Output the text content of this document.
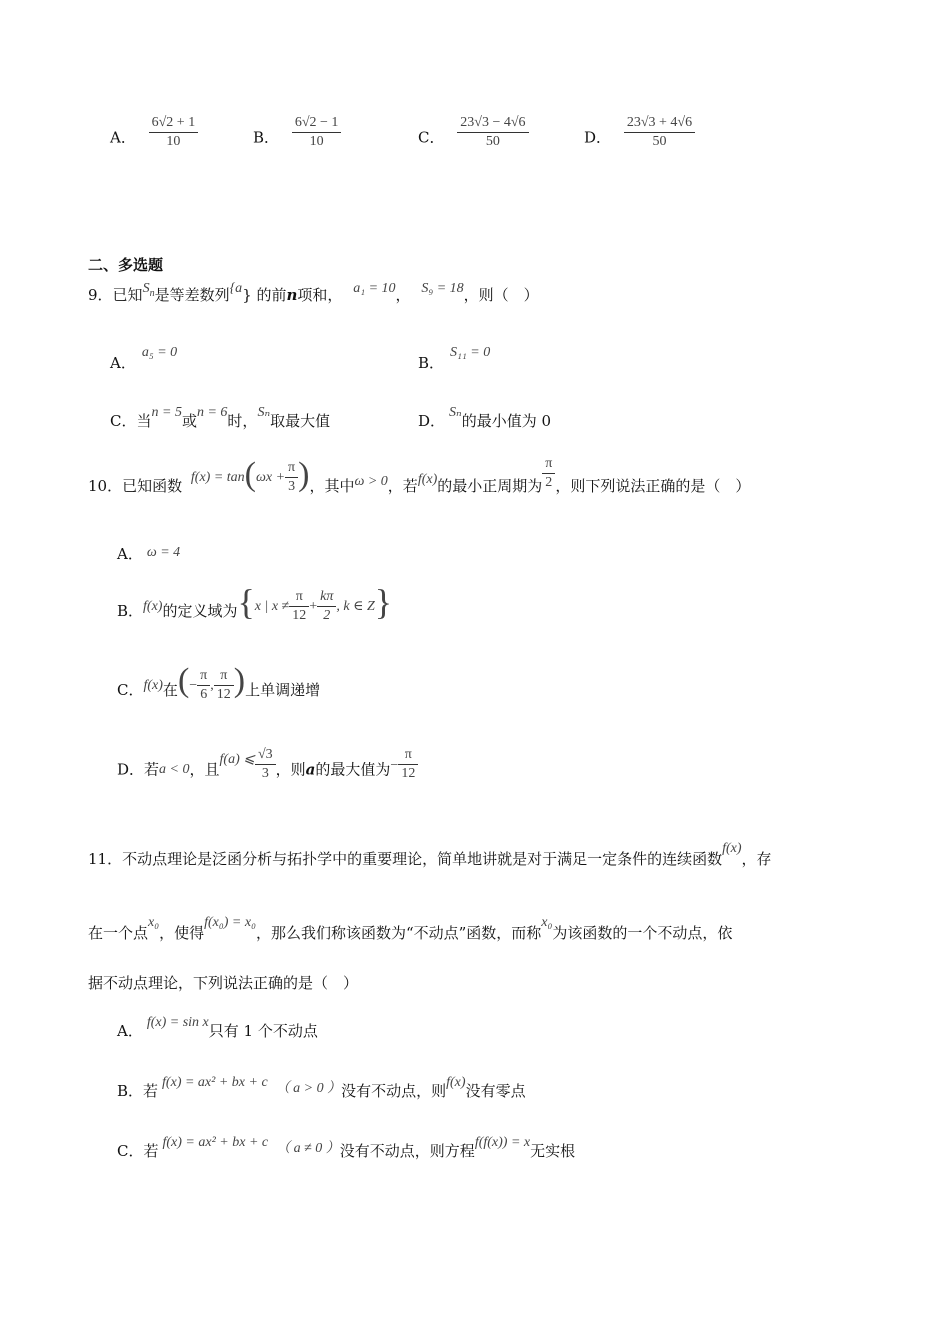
A． $\frac{6√2 + 1}{10}$	B． $\frac{6√2 - 1}{10}$	C． $\frac{23√3 - 4√6}{50}$	D． $\frac{23√3 + 4√6}{50}$
二、多选题
9．已知$S_n$是等差数列{a} 的前n项和， a₁ = 10， S₉ = 18，则（　）
A．a₅ = 0
B．S₁₁ = 0
C．当n = 5或n = 6时，Sₙ取最大值	D． Sₙ的最小值为 0
10．已知函数 $f(x) = \tan(\omega x + \frac{\pi}{3}$ )，其中ω > 0，若f(x)的最小正周期为 $\frac{\pi}{2}$ ，则下列说法正确的是（　）
A． ω = 4
B．f(x)的定义域为{x | $x \ne \frac{\pi}{12} + \frac{k\pi}{2}$ , k ∈ Z}
C．f(x)在(− $\frac{\pi}{6}$ , $\frac{\pi}{12}$ )上单调递增
D．若a < 0，且f(a) ⩽ $\frac{√3}{3}$ ，则a的最大值为− $\frac{\pi}{12}$
11．不动点理论是泛函分析与拓扑学中的重要理论，简单地讲就是对于满足一定条件的连续函数f(x)，存
在一个点x₀，使得f(x₀) = x₀，那么我们称该函数为“不动点”函数，而称x₀为该函数的一个不动点，依
据不动点理论，下列说法正确的是（　）
A． f(x) = sin x只有 1 个不动点
B．若 f(x) = ax² + bx + c （ a > 0 ）没有不动点，则f(x)没有零点
C．若 f(x) = ax² + bx + c （ a ≠ 0 ）没有不动点，则方程f(f(x)) = x无实根
